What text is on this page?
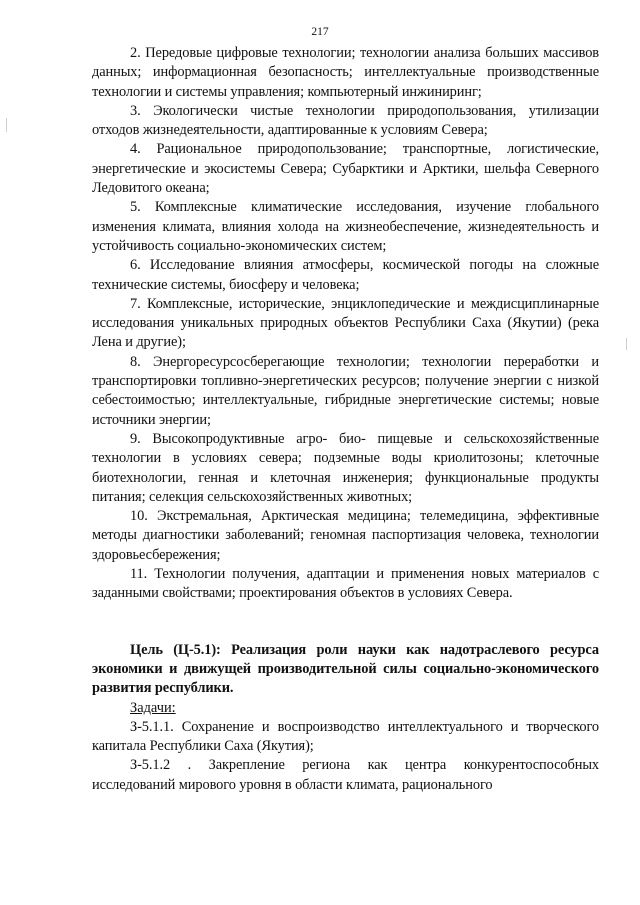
217

2. Передовые цифровые технологии; технологии анализа больших массивов данных; информационная безопасность; интеллектуальные производственные технологии и системы управления; компьютерный инжиниринг;

3. Экологически чистые технологии природопользования, утилизации отходов жизнедеятельности, адаптированные к условиям Севера;

4. Рациональное природопользование; транспортные, логистические, энергетические и экосистемы Севера; Субарктики и Арктики, шельфа Северного Ледовитого океана;

5. Комплексные климатические исследования, изучение глобального изменения климата, влияния холода на жизнеобеспечение, жизнедеятельность и устойчивость социально-экономических систем;

6. Исследование влияния атмосферы, космической погоды на сложные технические системы, биосферу и человека;

7. Комплексные, исторические, энциклопедические и междисциплинарные исследования уникальных природных объектов Республики Саха (Якутии) (река Лена и другие);

8. Энергоресурсосберегающие технологии; технологии переработки и транспортировки топливно-энергетических ресурсов; получение энергии с низкой себестоимостью; интеллектуальные, гибридные энергетические системы; новые источники энергии;

9. Высокопродуктивные агро- био- пищевые и сельскохозяйственные технологии в условиях севера; подземные воды криолитозоны; клеточные биотехнологии, генная и клеточная инженерия; функциональные продукты питания; селекция сельскохозяйственных животных;

10. Экстремальная, Арктическая медицина; телемедицина, эффективные методы диагностики заболеваний; геномная паспортизация человека, технологии здоровьесбережения;

11. Технологии получения, адаптации и применения новых материалов с заданными свойствами; проектирования объектов в условиях Севера.

Цель (Ц-5.1): Реализация роли науки как надотраслевого ресурса экономики и движущей производительной силы социально-экономического развития республики.

Задачи:

З-5.1.1. Сохранение и воспроизводство интеллектуального и творческого капитала Республики Саха (Якутия);

З-5.1.2 . Закрепление региона как центра конкурентоспособных исследований мирового уровня в области климата, рационального
